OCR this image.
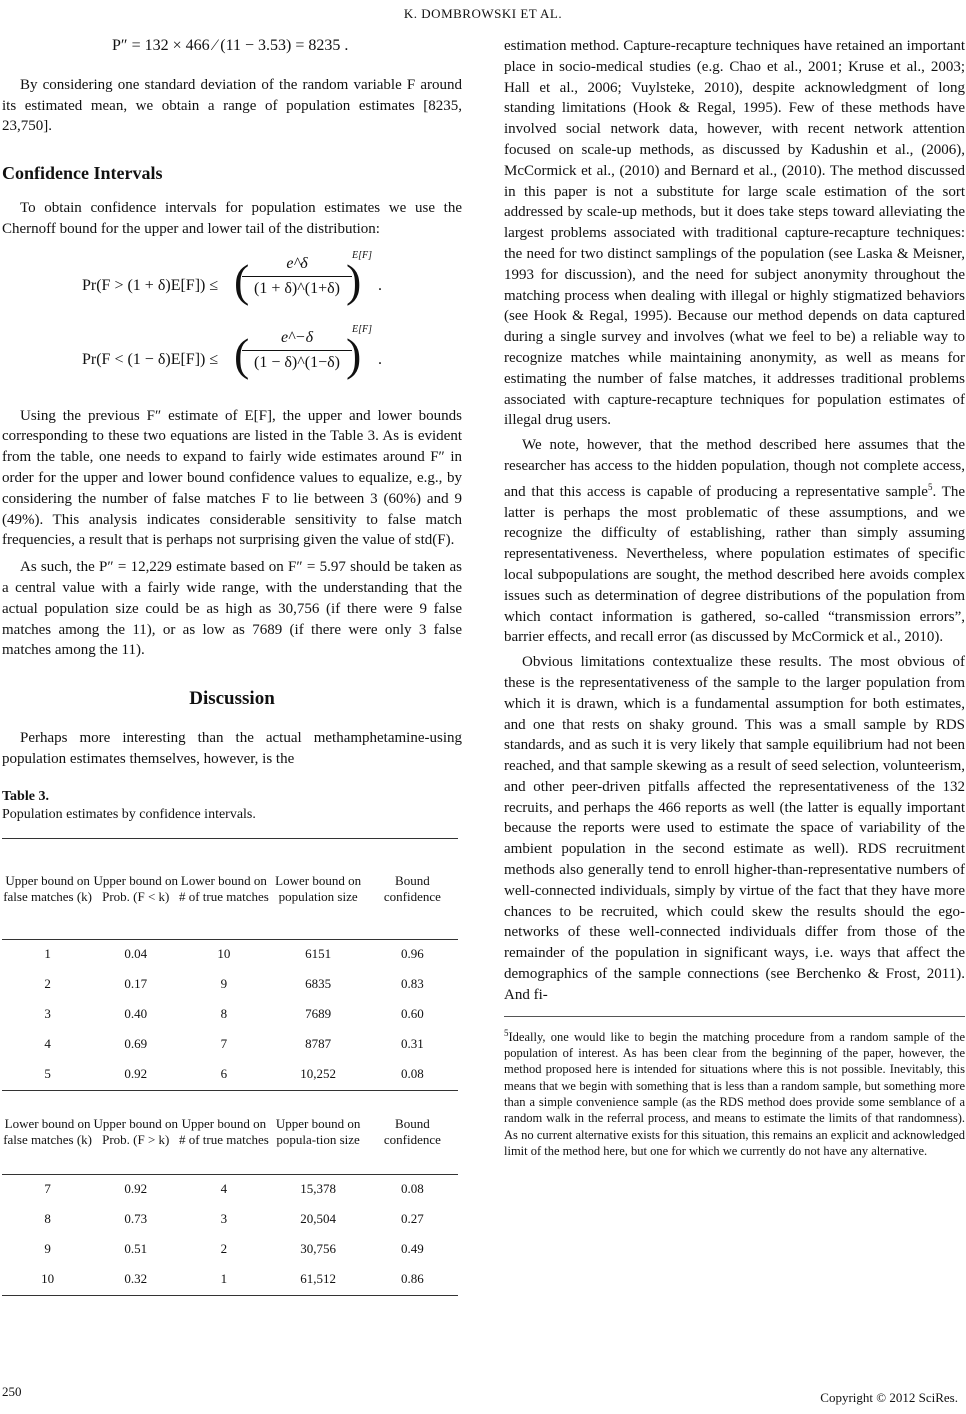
K. DOMBROWSKI ET AL.

P″ = 132 × 466 ⁄ (11 − 3.53) = 8235 .

By considering one standard deviation of the random variable F around its estimated mean, we obtain a range of population estimates [8235, 23,750].

Confidence Intervals

To obtain confidence intervals for population estimates we use the Chernoff bound for the upper and lower tail of the distribution:

Pr(F > (1 + δ)E[F]) ≤ (
$\frac{e\^{}\delta}{(1 + \delta)\^{}(1+\delta)}$
)
E[F]
.
Pr(F < (1 − δ)E[F]) ≤ (
$\frac{e\^{}-\delta}{(1 - \delta)\^{}(1-\delta)}$
)
E[F]
.

Using the previous F″ estimate of E[F], the upper and lower bounds corresponding to these two equations are listed in the Table 3. As is evident from the table, one needs to expand to fairly wide estimates around F″ in order for the upper and lower bound confidence values to equalize, e.g., by considering the number of false matches F to lie between 3 (60%) and 9 (49%). This analysis indicates considerable sensitivity to false match frequencies, a result that is perhaps not surprising given the value of std(F).

As such, the P″ = 12,229 estimate based on F″ = 5.97 should be taken as a central value with a fairly wide range, with the understanding that the actual population size could be as high as 30,756 (if there were 9 false matches among the 11), or as low as 7689 (if there were only 3 false matches among the 11).

Discussion

Perhaps more interesting than the actual methamphetamine-using population estimates themselves, however, is the

Table 3.
Population estimates by confidence intervals.
Upper bound on false matches (k)	Upper bound on Prob. (F < k)	Lower bound on # of true matches	Lower bound on population size	Bound confidence
1	0.04	10	6151	0.96
2	0.17	9	6835	0.83
3	0.40	8	7689	0.60
4	0.69	7	8787	0.31
5	0.92	6	10,252	0.08
Lower bound on false matches (k)	Upper bound on Prob. (F > k)	Upper bound on # of true matches	Upper bound on popula-tion size	Bound confidence
7	0.92	4	15,378	0.08
8	0.73	3	20,504	0.27
9	0.51	2	30,756	0.49
10	0.32	1	61,512	0.86

estimation method. Capture-recapture techniques have retained an important place in socio-medical studies (e.g. Chao et al., 2001; Kruse et al., 2003; Hall et al., 2006; Vuylsteke, 2010), despite acknowledgment of long standing limitations (Hook & Regal, 1995). Few of these methods have involved social network data, however, with recent network attention focused on scale-up methods, as discussed by Kadushin et al., (2006), McCormick et al., (2010) and Bernard et al., (2010). The method discussed in this paper is not a substitute for large scale estimation of the sort addressed by scale-up methods, but it does take steps toward alleviating the largest problems associated with traditional capture-recapture techniques: the need for two distinct samplings of the population (see Laska & Meisner, 1993 for discussion), and the need for subject anonymity throughout the matching process when dealing with illegal or highly stigmatized behaviors (see Hook & Regal, 1995). Because our method depends on data captured during a single survey and involves (what we feel to be) a reliable way to recognize matches while maintaining anonymity, as well as means for estimating the number of false matches, it addresses traditional problems associated with capture-recapture techniques for population estimates of illegal drug users.

We note, however, that the method described here assumes that the researcher has access to the hidden population, though not complete access, and that this access is capable of producing a representative sample$^5$. The latter is perhaps the most problematic of these assumptions, and we recognize the difficulty of establishing, rather than simply assuming representativeness. Nevertheless, where population estimates of specific local subpopulations are sought, the method described here avoids complex issues such as determination of degree distributions of the population from which contact information is gathered, so-called “transmission errors”, barrier effects, and recall error (as discussed by McCormick et al., 2010).

Obvious limitations contextualize these results. The most obvious of these is the representativeness of the sample to the larger population from which it is drawn, which is a fundamental assumption for both estimates, and one that rests on shaky ground. This was a small sample by RDS standards, and as such it is very likely that sample equilibrium had not been reached, and that sample skewing as a result of seed selection, volunteerism, and other peer-driven pitfalls affected the representativeness of the 132 recruits, and perhaps the 466 reports as well (the latter is equally important because the reports were used to estimate the space of variability of the ambient population in the second estimate as well). RDS recruitment methods also generally tend to enroll higher-than-representative numbers of well-connected individuals, simply by virtue of the fact that they have more chances to be recruited, which could skew the results should the ego-networks of these well-connected individuals differ from those of the remainder of the population in significant ways, i.e. ways that affect the demographics of the sample connections (see Berchenko & Frost, 2011). And fi-

$^5$Ideally, one would like to begin the matching procedure from a random sample of the population of interest. As has been clear from the beginning of the paper, however, the method proposed here is intended for situations where this is not possible. Inevitably, this means that we begin with something that is less than a random sample, but something more than a simple convenience sample (as the RDS method does provide some semblance of a random walk in the referral process, and means to estimate the limits of that randomness). As no current alternative exists for this situation, this remains an explicit and acknowledged limit of the method here, but one for which we currently do not have any alternative.

250	Copyright © 2012 SciRes.
